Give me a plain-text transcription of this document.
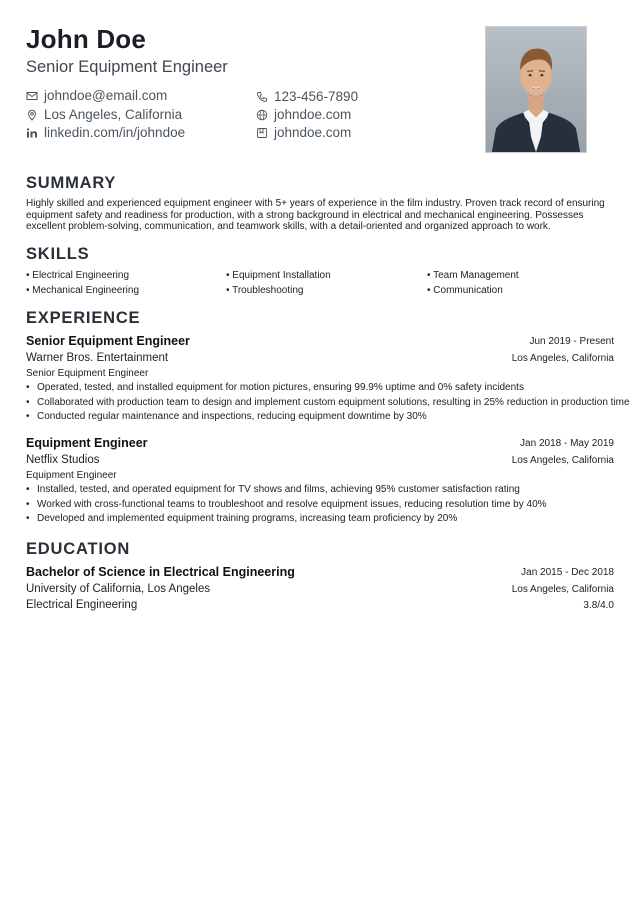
John Doe
Senior Equipment Engineer
johndoe@email.com	123-456-7890
Los Angeles, California	johndoe.com
linkedin.com/in/johndoe	johndoe.com
SUMMARY
Highly skilled and experienced equipment engineer with 5+ years of experience in the film industry. Proven track record of ensuring equipment safety and readiness for production, with a strong background in electrical and mechanical engineering. Possesses excellent problem-solving, communication, and teamwork skills, with a detail-oriented and organized approach to work.
SKILLS
• Electrical Engineering	• Equipment Installation	• Team Management
• Mechanical Engineering	• Troubleshooting	• Communication
EXPERIENCE
Senior Equipment Engineer	Jun 2019 - Present
Warner Bros. Entertainment	Los Angeles, California
Senior Equipment Engineer
• Operated, tested, and installed equipment for motion pictures, ensuring 99.9% uptime and 0% safety incidents
• Collaborated with production team to design and implement custom equipment solutions, resulting in 25% reduction in production time
• Conducted regular maintenance and inspections, reducing equipment downtime by 30%
Equipment Engineer	Jan 2018 - May 2019
Netflix Studios	Los Angeles, California
Equipment Engineer
• Installed, tested, and operated equipment for TV shows and films, achieving 95% customer satisfaction rating
• Worked with cross-functional teams to troubleshoot and resolve equipment issues, reducing resolution time by 40%
• Developed and implemented equipment training programs, increasing team proficiency by 20%
EDUCATION
Bachelor of Science in Electrical Engineering	Jan 2015 - Dec 2018
University of California, Los Angeles	Los Angeles, California
Electrical Engineering	3.8/4.0
